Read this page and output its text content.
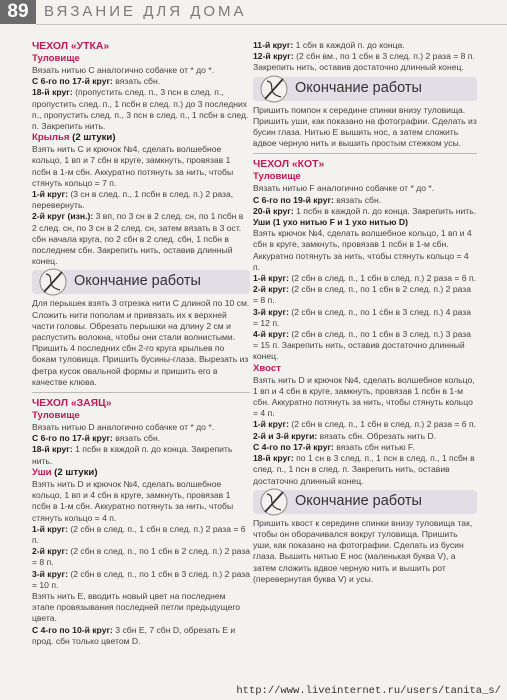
89	ВЯЗАНИЕ ДЛЯ ДОМА
ЧЕХОЛ «УТКА»
Туловище
Вязать нитью С аналогично собачке от * до *.
С 6-го по 17-й круг: вязать сбн.
18-й круг: (пропустить след. п., 3 псн в след. п., пропустить след. п., 1 псбн в след. п.) до 3 последних п., пропустить след. п., 3 псн в след. п., 1 псбн в след. п. Закрепить нить.
Крылья (2 штуки)
Взять нить С и крючок №4, сделать волшебное кольцо, 1 вп и 7 сбн в круге, замкнуть, провязав 1 псбн в 1-м сбн. Аккуратно потянуть за нить, чтобы стянуть кольцо = 7 п.
1-й круг: (3 сн в след. п., 1 псбн в след. п.) 2 раза, перевернуть.
2-й круг (изн.): 3 вп, по 3 сн в 2 след. сн, по 1 псбн в 2 след. сн, по 3 сн в 2 след. сн, затем вязать в 3 ост. сбн начала круга, по 2 сбн в 2 след. сбн, 1 псбн в последнем сбн. Закрепить нить, оставив длинный конец.
Окончание работы
Для перышек взять 3 отрезка нити С длиной по 10 см. Сложить нити пополам и привязать их к верхней части головы. Обрезать перышки на длину 2 см и распустить волокна, чтобы они стали волнистыми. Пришить 4 последних сбн 2-го круга крыльев по бокам туловища. Пришить бусины-глаза. Вырезать из фетра кусок овальной формы и пришить его в качестве клюва.
ЧЕХОЛ «ЗАЯЦ»
Туловище
Вязать нитью D аналогично собачке от * до *.
С 6-го по 17-й круг: вязать сбн.
18-й круг: 1 псбн в каждой п. до конца. Закрепить нить.
Уши (2 штуки)
Взять нить D и крючок №4, сделать волшебное кольцо, 1 вп и 4 сбн в круге, замкнуть, провязав 1 псбн в 1-м сбн. Аккуратно потянуть за нить, чтобы стянуть кольцо = 4 п.
1-й круг: (2 сбн в след. п., 1 сбн в след. п.) 2 раза = 6 п.
2-й круг: (2 сбн в след. п., по 1 сбн в 2 след. п.) 2 раза = 8 п.
3-й круг: (2 сбн в след. п., по 1 сбн в 3 след. п.) 2 раза = 10 п.
Взять нить Е, вводить новый цвет на последнем этапе провязывания последней петли предыдущего цвета.
С 4-го по 10-й круг: 3 сбн Е, 7 сбн D, обрезать Е и прод. сбн только цветом D.
11-й круг: 1 сбн в каждой п. до конца.
12-й круг: (2 сбн вм., по 1 сбн в 3 след. п.) 2 раза = 8 п. Закрепить нить, оставив достаточно длинный конец.
Окончание работы
Пришить помпон к середине спинки внизу туловища. Пришить уши, как показано на фотографии. Сделать из бусин глаза. Нитью Е вышить нос, а затем сложить вдвое черную нить и вышить простым стежком усы.
ЧЕХОЛ «КОТ»
Туловище
Вязать нитью F аналогично собачке от * до *.
С 6-го по 19-й круг: вязать сбн.
20-й круг: 1 псбн в каждой п. до конца. Закрепить нить.
Уши (1 ухо нитью F и 1 ухо нитью D)
Взять крючок №4, сделать волшебное кольцо, 1 вп и 4 сбн в круге, замкнуть, провязав 1 псбн в 1-м сбн. Аккуратно потянуть за нить, чтобы стянуть кольцо = 4 п.
1-й круг: (2 сбн в след. п., 1 сбн в след. п.) 2 раза = 6 п.
2-й круг: (2 сбн в след. п., по 1 сбн в 2 след. п.) 2 раза = 8 п.
3-й круг: (2 сбн в след. п., по 1 сбн в 3 след. п.) 4 раза = 12 п.
4-й круг: (2 сбн в след. п., по 1 сбн в 3 след. п.) 3 раза = 15 п. Закрепить нить, оставив достаточно длинный конец.
Хвост
Взять нить D и крючок №4, сделать волшебное кольцо, 1 вп и 4 сбн в круге, замкнуть, провязав 1 псбн в 1-м сбн. Аккуратно потянуть за нить, чтобы стянуть кольцо = 4 п.
1-й круг: (2 сбн в след. п., 1 сбн в след. п.) 2 раза = 6 п.
2-й и 3-й круги: вязать сбн. Обрезать нить D.
С 4-го по 17-й круг: вязать сбн нитью F.
18-й круг: по 1 сн в 3 след. п., 1 псн в след. п., 1 псбн в след. п., 1 псн в след. п. Закрепить нить, оставив достаточно длинный конец.
Окончание работы
Пришить хвост к середине спинки внизу туловища так, чтобы он оборачивался вокруг туловища. Пришить уши, как показано на фотографии. Сделать из бусин глаза. Вышить нитью Е нос (маленькая буква V), а затем сложить вдвое черную нить и вышить рот (перевернутая буква V) и усы.
http://www.liveinternet.ru/users/tanita_s/
